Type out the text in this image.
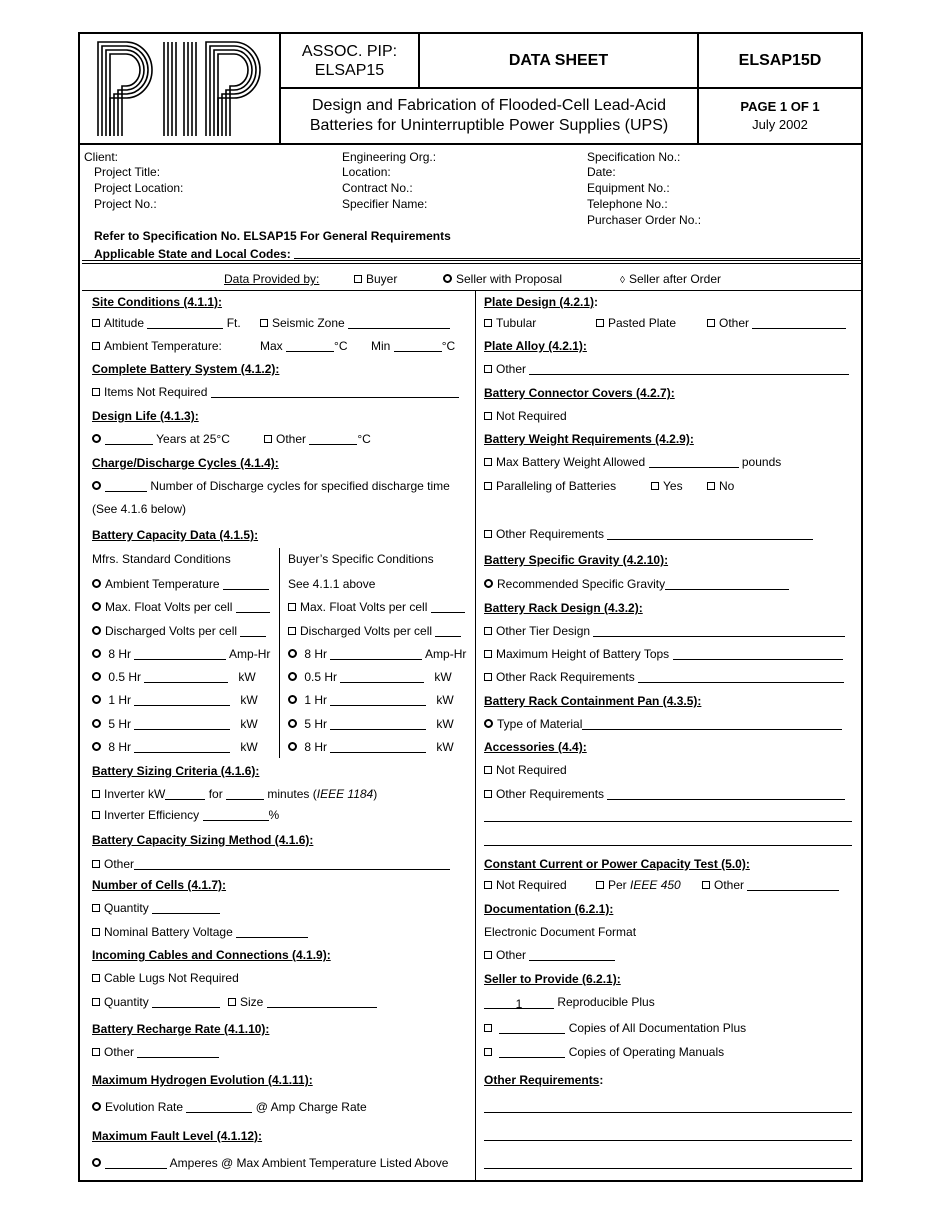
ASSOC. PIP:
ELSAP15
DATA SHEET	ELSAP15D
Design and Fabrication of Flooded-Cell Lead-Acid
Batteries for Uninterruptible Power Supplies (UPS)
PAGE 1 OF 1
July 2002
Client:
Project Title:
Project Location:
Project No.:
Engineering Org.:
Location:
Contract No.:
Specifier Name:
Specification No.:
Date:
Equipment No.:
Telephone No.:
Purchaser Order No.:
Refer to Specification No. ELSAP15 For General Requirements
Applicable State and Local Codes:
Data Provided by:	Buyer	Seller with Proposal	◊ Seller after Order
Site Conditions (4.1.1):
Altitude	Ft.	Seismic Zone
Ambient Temperature:	Max	°C Min	°C
Complete Battery System (4.1.2):
Items Not Required
Design Life (4.1.3):
Years at 25°C	Other	°C
Charge/Discharge Cycles (4.1.4):
Number of Discharge cycles for specified discharge time
(See 4.1.6 below)
Battery Capacity Data (4.1.5):
Mfrs. Standard Conditions	Buyer’s Specific Conditions
Ambient Temperature	See 4.1.1 above
Max. Float Volts per cell	Max. Float Volts per cell
Discharged Volts per cell	Discharged Volts per cell
8 Hr	Amp-Hr	8 Hr	Amp-Hr
0.5 Hr	kW	0.5 Hr	kW
1 Hr	kW	1 Hr	kW
5 Hr	kW	5 Hr	kW
8 Hr	kW	8 Hr	kW
Battery Sizing Criteria (4.1.6):
Inverter kW	for	minutes (IEEE 1184)
Inverter Efficiency	%
Battery Capacity Sizing Method (4.1.6):
Other
Number of Cells (4.1.7):
Quantity
Nominal Battery Voltage
Incoming Cables and Connections (4.1.9):
Cable Lugs Not Required
Quantity	Size
Battery Recharge Rate (4.1.10):
Other
Maximum Hydrogen Evolution (4.1.11):
Evolution Rate	@ Amp Charge Rate
Maximum Fault Level (4.1.12):
Amperes @ Max Ambient Temperature Listed Above
Plate Design (4.2.1):
Tubular	Pasted Plate	Other
Plate Alloy (4.2.1):
Other
Battery Connector Covers (4.2.7):
Not Required
Battery Weight Requirements (4.2.9):
Max Battery Weight Allowed	pounds
Paralleling of Batteries	Yes	No
Other Requirements
Battery Specific Gravity (4.2.10):
Recommended Specific Gravity
Battery Rack Design (4.3.2):
Other Tier Design
Maximum Height of Battery Tops
Other Rack Requirements
Battery Rack Containment Pan (4.3.5):
Type of Material
Accessories (4.4):
Not Required
Other Requirements
Constant Current or Power Capacity Test (5.0):
Not Required	Per IEEE 450	Other
Documentation (6.2.1):
Electronic Document Format
Other
Seller to Provide (6.2.1):
1	Reproducible Plus
Copies of All Documentation Plus
Copies of Operating Manuals
Other Requirements:
